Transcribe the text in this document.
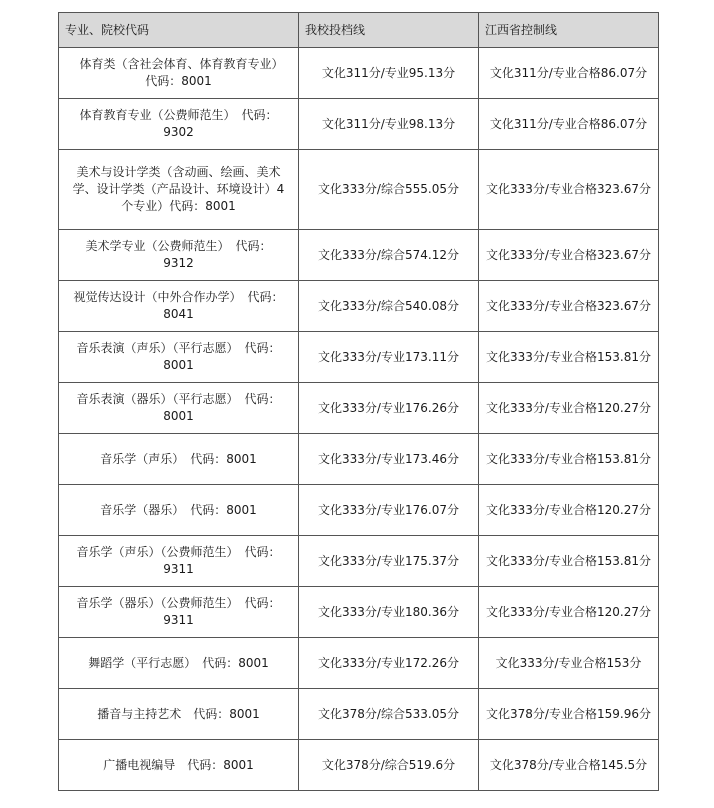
专业、院校代码	我校投档线	江西省控制线
体育类（含社会体育、体育教育专业）　代码：8001	文化311分/专业95.13分	文化311分/专业合格86.07分
体育教育专业（公费师范生）　代码：9302	文化311分/专业98.13分	文化311分/专业合格86.07分
美术与设计学类（含动画、绘画、美术学、设计学类（产品设计、环境设计）4个专业）代码：8001	文化333分/综合555.05分	文化333分/专业合格323.67分
美术学专业（公费师范生）　代码：9312	文化333分/综合574.12分	文化333分/专业合格323.67分
视觉传达设计（中外合作办学）　代码：8041	文化333分/综合540.08分	文化333分/专业合格323.67分
音乐表演（声乐）（平行志愿）　代码：8001	文化333分/专业173.11分	文化333分/专业合格153.81分
音乐表演（器乐）（平行志愿）　代码：8001	文化333分/专业176.26分	文化333分/专业合格120.27分
音乐学（声乐）　代码：8001	文化333分/专业173.46分	文化333分/专业合格153.81分
音乐学（器乐）　代码：8001	文化333分/专业176.07分	文化333分/专业合格120.27分
音乐学（声乐）（公费师范生）　代码：9311	文化333分/专业175.37分	文化333分/专业合格153.81分
音乐学（器乐）（公费师范生）　代码：9311	文化333分/专业180.36分	文化333分/专业合格120.27分
舞蹈学（平行志愿）　代码：8001	文化333分/专业172.26分	文化333分/专业合格153分
播音与主持艺术　代码：8001	文化378分/综合533.05分	文化378分/专业合格159.96分
广播电视编导　代码：8001	文化378分/综合519.6分	文化378分/专业合格145.5分
